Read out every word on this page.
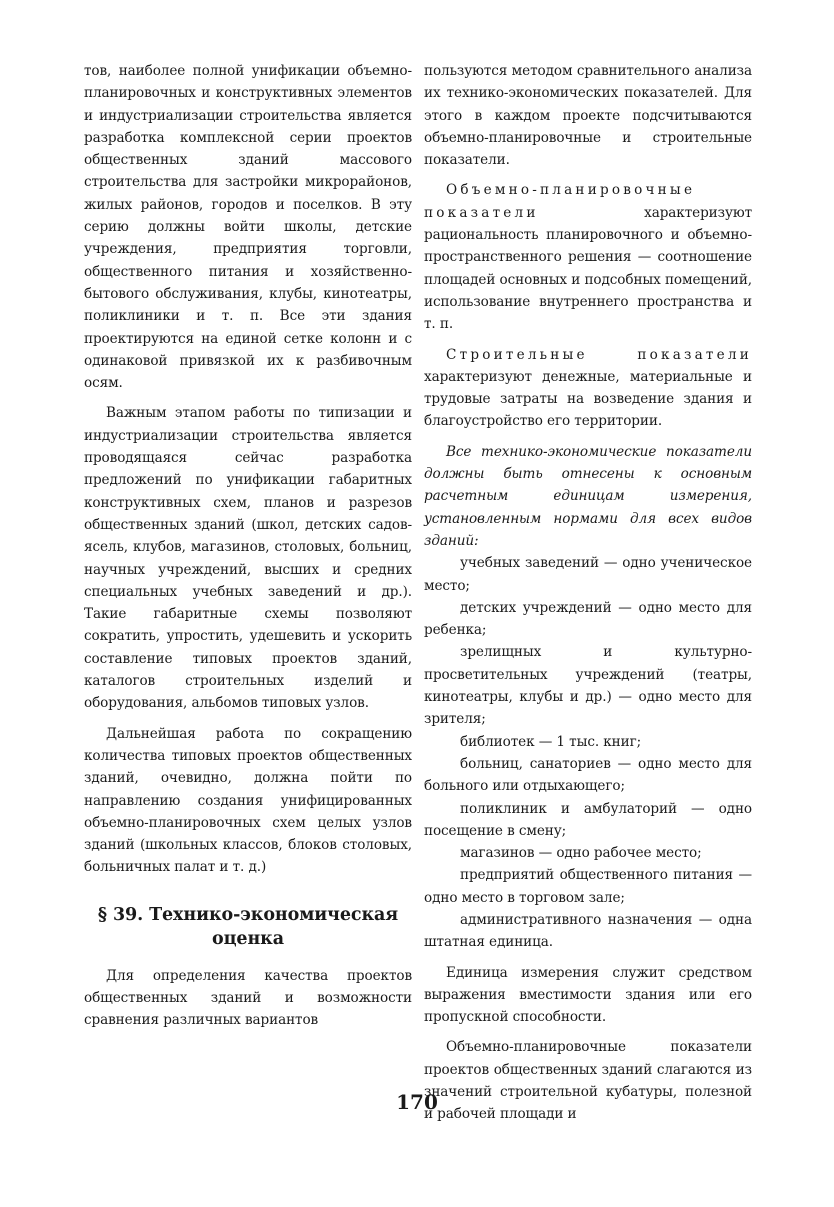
тов, наиболее полной унификации объемно-планировочных и конструктивных элементов и индустриализации строительства является разработка комплексной серии проектов общественных зданий массового строительства для застройки микрорайонов, жилых районов, городов и поселков. В эту серию должны войти школы, детские учреждения, предприятия торговли, общественного питания и хозяйственно-бытового обслуживания, клубы, кинотеатры, поликлиники и т. п. Все эти здания проектируются на единой сетке колонн и с одинаковой привязкой их к разбивочным осям.

Важным этапом работы по типизации и индустриализации строительства является проводящаяся сейчас разработка предложений по унификации габаритных конструктивных схем, планов и разрезов общественных зданий (школ, детских садов-ясель, клубов, магазинов, столовых, больниц, научных учреждений, высших и средних специальных учебных заведений и др.). Такие габаритные схемы позволяют сократить, упростить, удешевить и ускорить составление типовых проектов зданий, каталогов строительных изделий и оборудования, альбомов типовых узлов.

Дальнейшая работа по сокращению количества типовых проектов общественных зданий, очевидно, должна пойти по направлению создания унифицированных объемно-планировочных схем целых узлов зданий (школьных классов, блоков столовых, больничных палат и т. д.)

§ 39. Технико-экономическая
оценка

Для определения качества проектов общественных зданий и возможности сравнения различных вариантов

пользуются методом сравнительного анализа их технико-экономических показателей. Для этого в каждом проекте подсчитываются объемно-планировочные и строительные показатели.

Объемно-планировочные показатели характеризуют рациональность планировочного и объемно-пространственного решения — соотношение площадей основных и подсобных помещений, использование внутреннего пространства и т. п.

Строительные показатели характеризуют денежные, материальные и трудовые затраты на возведение здания и благоустройство его территории.

Все технико-экономические показатели должны быть отнесены к основным расчетным единицам измерения, установленным нормами для всех видов зданий:

учебных заведений — одно ученическое место;

детских учреждений — одно место для ребенка;

зрелищных и культурно-просветительных учреждений (театры, кинотеатры, клубы и др.) — одно место для зрителя;

библиотек — 1 тыс. книг;

больниц, санаториев — одно место для больного или отдыхающего;

поликлиник и амбулаторий — одно посещение в смену;

магазинов — одно рабочее место;

предприятий общественного питания — одно место в торговом зале;

административного назначения — одна штатная единица.

Единица измерения служит средством выражения вместимости здания или его пропускной способности.

Объемно-планировочные показатели проектов общественных зданий слагаются из значений строительной кубатуры, полезной и рабочей площади и

170
